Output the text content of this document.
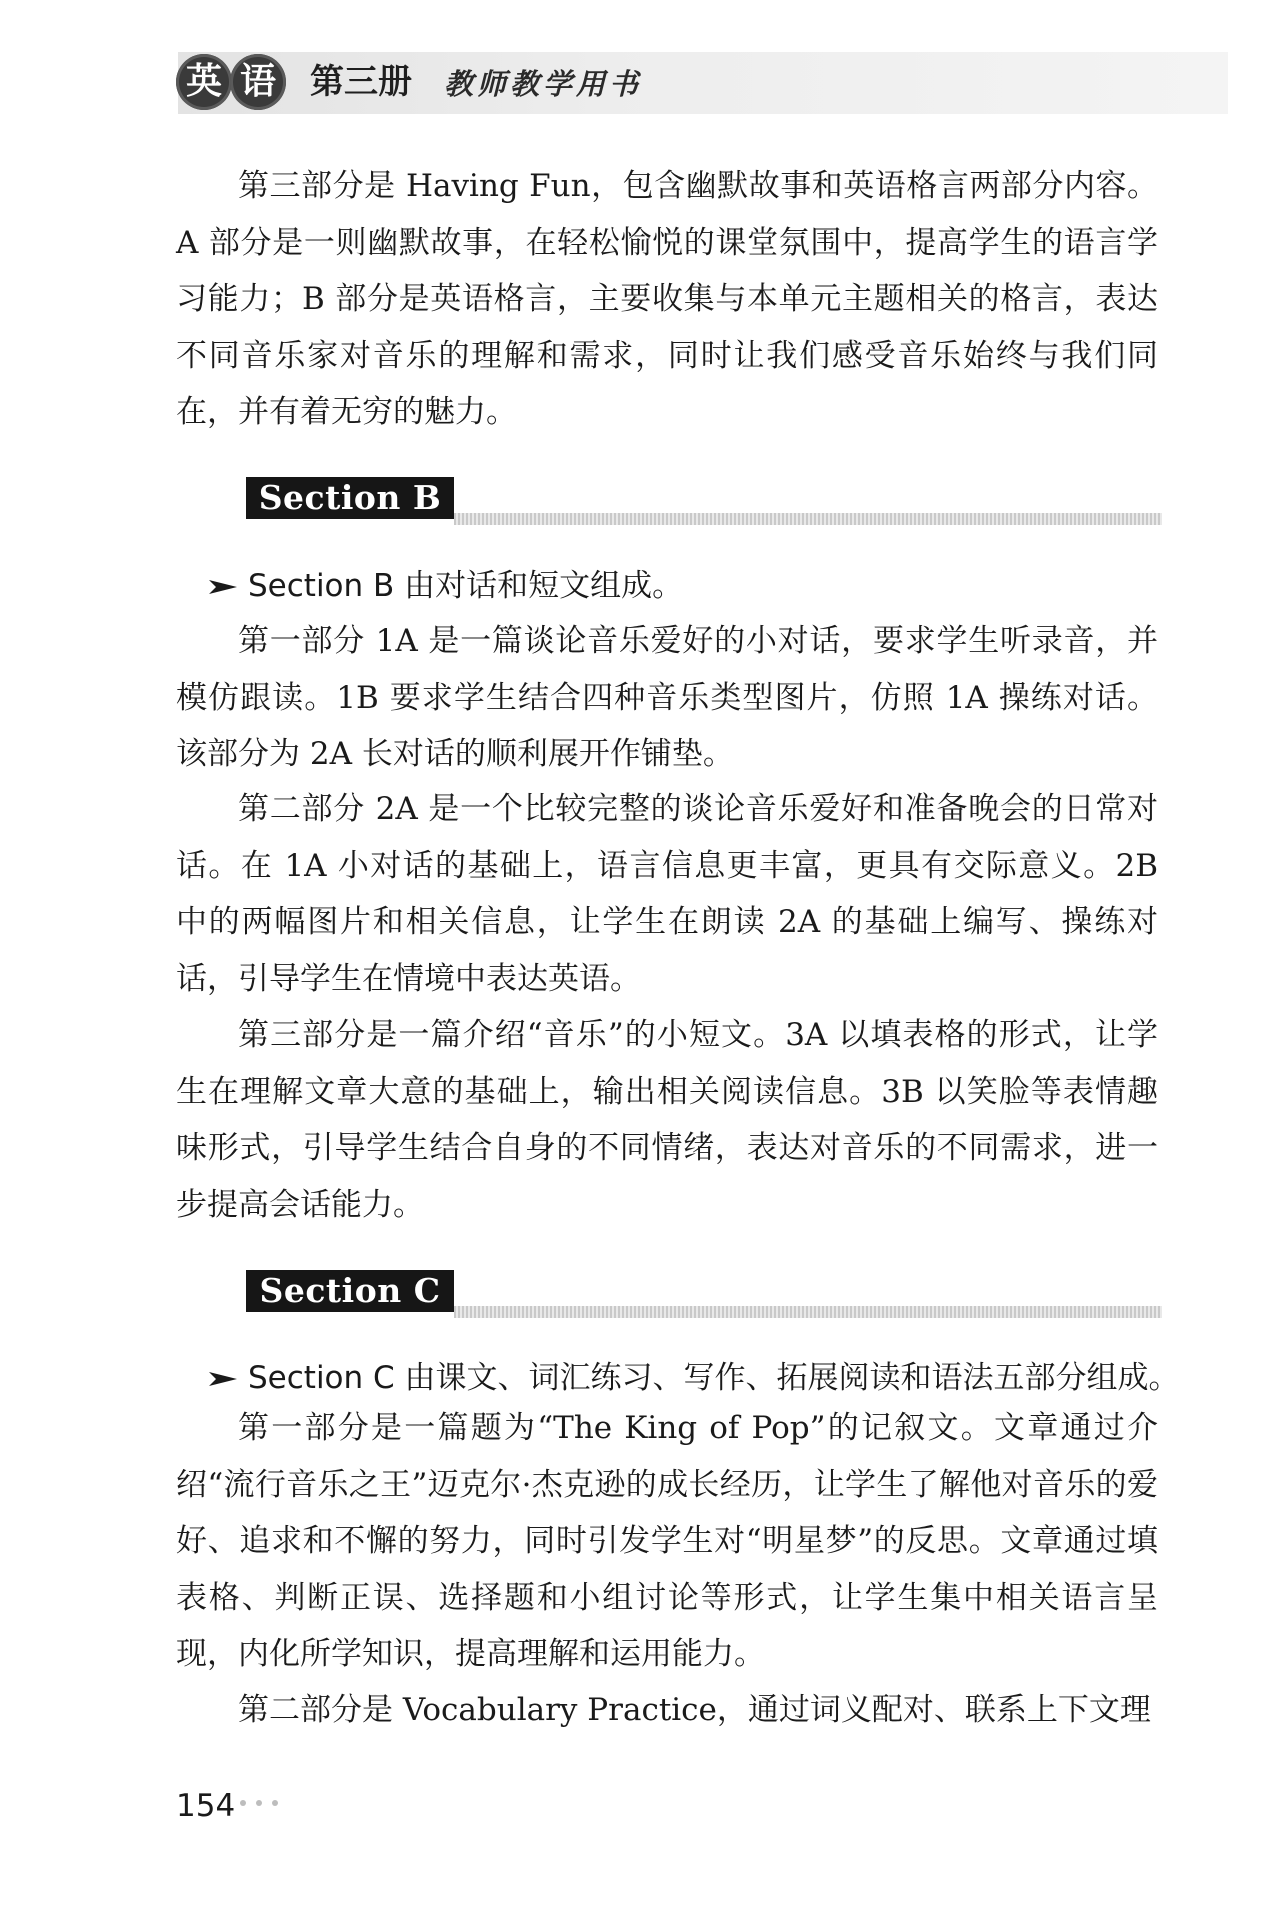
英 语 第三册 教师教学用书

第三部分是 Having Fun，包含幽默故事和英语格言两部分内容。A 部分是一则幽默故事，在轻松愉悦的课堂氛围中，提高学生的语言学习能力；B 部分是英语格言，主要收集与本单元主题相关的格言，表达不同音乐家对音乐的理解和需求，同时让我们感受音乐始终与我们同在，并有着无穷的魅力。

Section B
Section B 由对话和短文组成。

第一部分 1A 是一篇谈论音乐爱好的小对话，要求学生听录音，并模仿跟读。1B 要求学生结合四种音乐类型图片，仿照 1A 操练对话。该部分为 2A 长对话的顺利展开作铺垫。

第二部分 2A 是一个比较完整的谈论音乐爱好和准备晚会的日常对话。在 1A 小对话的基础上，语言信息更丰富，更具有交际意义。2B 中的两幅图片和相关信息，让学生在朗读 2A 的基础上编写、操练对话，引导学生在情境中表达英语。

第三部分是一篇介绍“音乐”的小短文。3A 以填表格的形式，让学生在理解文章大意的基础上，输出相关阅读信息。3B 以笑脸等表情趣味形式，引导学生结合自身的不同情绪，表达对音乐的不同需求，进一步提高会话能力。

Section C
Section C 由课文、词汇练习、写作、拓展阅读和语法五部分组成。

第一部分是一篇题为“The King of Pop”的记叙文。文章通过介绍“流行音乐之王”迈克尔·杰克逊的成长经历，让学生了解他对音乐的爱好、追求和不懈的努力，同时引发学生对“明星梦”的反思。文章通过填表格、判断正误、选择题和小组讨论等形式，让学生集中相关语言呈现，内化所学知识，提高理解和运用能力。

第二部分是 Vocabulary Practice，通过词义配对、联系上下文理

154
